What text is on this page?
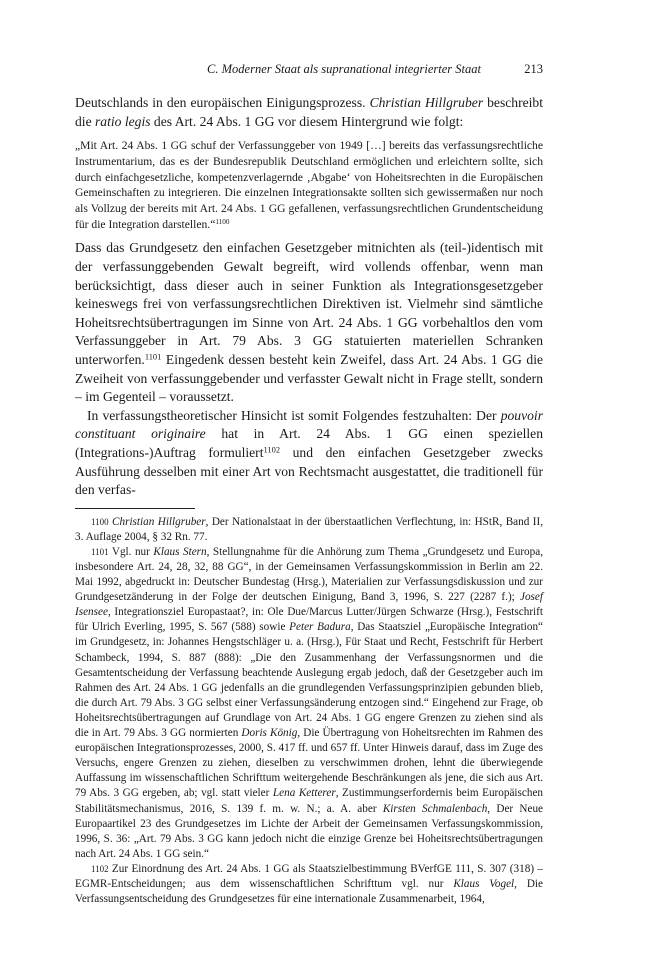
C. Moderner Staat als supranational integrierter Staat	213

Deutschlands in den europäischen Einigungsprozess. Christian Hillgruber beschreibt die ratio legis des Art. 24 Abs. 1 GG vor diesem Hintergrund wie folgt:

„Mit Art. 24 Abs. 1 GG schuf der Verfassunggeber von 1949 […] bereits das verfassungsrechtliche Instrumentarium, das es der Bundesrepublik Deutschland ermöglichen und erleichtern sollte, sich durch einfachgesetzliche, kompetenzverlagernde ‚Abgabe‘ von Hoheitsrechten in die Europäischen Gemeinschaften zu integrieren. Die einzelnen Integrationsakte sollten sich gewissermaßen nur noch als Vollzug der bereits mit Art. 24 Abs. 1 GG gefallenen, verfassungsrechtlichen Grundentscheidung für die Integration darstellen.“$^{1100}$

Dass das Grundgesetz den einfachen Gesetzgeber mitnichten als (teil-)identisch mit der verfassunggebenden Gewalt begreift, wird vollends offenbar, wenn man berücksichtigt, dass dieser auch in seiner Funktion als Integrationsgesetzgeber keineswegs frei von verfassungsrechtlichen Direktiven ist. Vielmehr sind sämtliche Hoheitsrechtsübertragungen im Sinne von Art. 24 Abs. 1 GG vorbehaltlos den vom Verfassunggeber in Art. 79 Abs. 3 GG statuierten materiellen Schranken unterworfen.$^{1101}$ Eingedenk dessen besteht kein Zweifel, dass Art. 24 Abs. 1 GG die Zweiheit von verfassunggebender und verfasster Gewalt nicht in Frage stellt, sondern – im Gegenteil – voraussetzt.

In verfassungstheoretischer Hinsicht ist somit Folgendes festzuhalten: Der pouvoir constituant originaire hat in Art. 24 Abs. 1 GG einen speziellen (Integrations-)Auftrag formuliert$^{1102}$ und den einfachen Gesetzgeber zwecks Ausführung desselben mit einer Art von Rechtsmacht ausgestattet, die traditionell für den verfas-

1100 Christian Hillgruber, Der Nationalstaat in der überstaatlichen Verflechtung, in: HStR, Band II, 3. Auflage 2004, § 32 Rn. 77.

1101 Vgl. nur Klaus Stern, Stellungnahme für die Anhörung zum Thema „Grundgesetz und Europa, insbesondere Art. 24, 28, 32, 88 GG“, in der Gemeinsamen Verfassungskommission in Berlin am 22. Mai 1992, abgedruckt in: Deutscher Bundestag (Hrsg.), Materialien zur Verfassungsdiskussion und zur Grundgesetzänderung in der Folge der deutschen Einigung, Band 3, 1996, S. 227 (2287 f.); Josef Isensee, Integrationsziel Europastaat?, in: Ole Due/Marcus Lutter/Jürgen Schwarze (Hrsg.), Festschrift für Ulrich Everling, 1995, S. 567 (588) sowie Peter Badura, Das Staatsziel „Europäische Integration“ im Grundgesetz, in: Johannes Hengstschläger u. a. (Hrsg.), Für Staat und Recht, Festschrift für Herbert Schambeck, 1994, S. 887 (888): „Die den Zusammenhang der Verfassungsnormen und die Gesamtentscheidung der Verfassung beachtende Auslegung ergab jedoch, daß der Gesetzgeber auch im Rahmen des Art. 24 Abs. 1 GG jedenfalls an die grundlegenden Verfassungsprinzipien gebunden blieb, die durch Art. 79 Abs. 3 GG selbst einer Verfassungsänderung entzogen sind.“ Eingehend zur Frage, ob Hoheitsrechtsübertragungen auf Grundlage von Art. 24 Abs. 1 GG engere Grenzen zu ziehen sind als die in Art. 79 Abs. 3 GG normierten Doris König, Die Übertragung von Hoheitsrechten im Rahmen des europäischen Integrationsprozesses, 2000, S. 417 ff. und 657 ff. Unter Hinweis darauf, dass im Zuge des Versuchs, engere Grenzen zu ziehen, dieselben zu verschwimmen drohen, lehnt die überwiegende Auffassung im wissenschaftlichen Schrifttum weitergehende Beschränkungen als jene, die sich aus Art. 79 Abs. 3 GG ergeben, ab; vgl. statt vieler Lena Ketterer, Zustimmungserfordernis beim Europäischen Stabilitätsmechanismus, 2016, S. 139 f. m. w. N.; a. A. aber Kirsten Schmalenbach, Der Neue Europaartikel 23 des Grundgesetzes im Lichte der Arbeit der Gemeinsamen Verfassungskommission, 1996, S. 36: „Art. 79 Abs. 3 GG kann jedoch nicht die einzige Grenze bei Hoheitsrechtsübertragungen nach Art. 24 Abs. 1 GG sein.“

1102 Zur Einordnung des Art. 24 Abs. 1 GG als Staatszielbestimmung BVerfGE 111, S. 307 (318) – EGMR-Entscheidungen; aus dem wissenschaftlichen Schrifttum vgl. nur Klaus Vogel, Die Verfassungsentscheidung des Grundgesetzes für eine internationale Zusammenarbeit, 1964,
